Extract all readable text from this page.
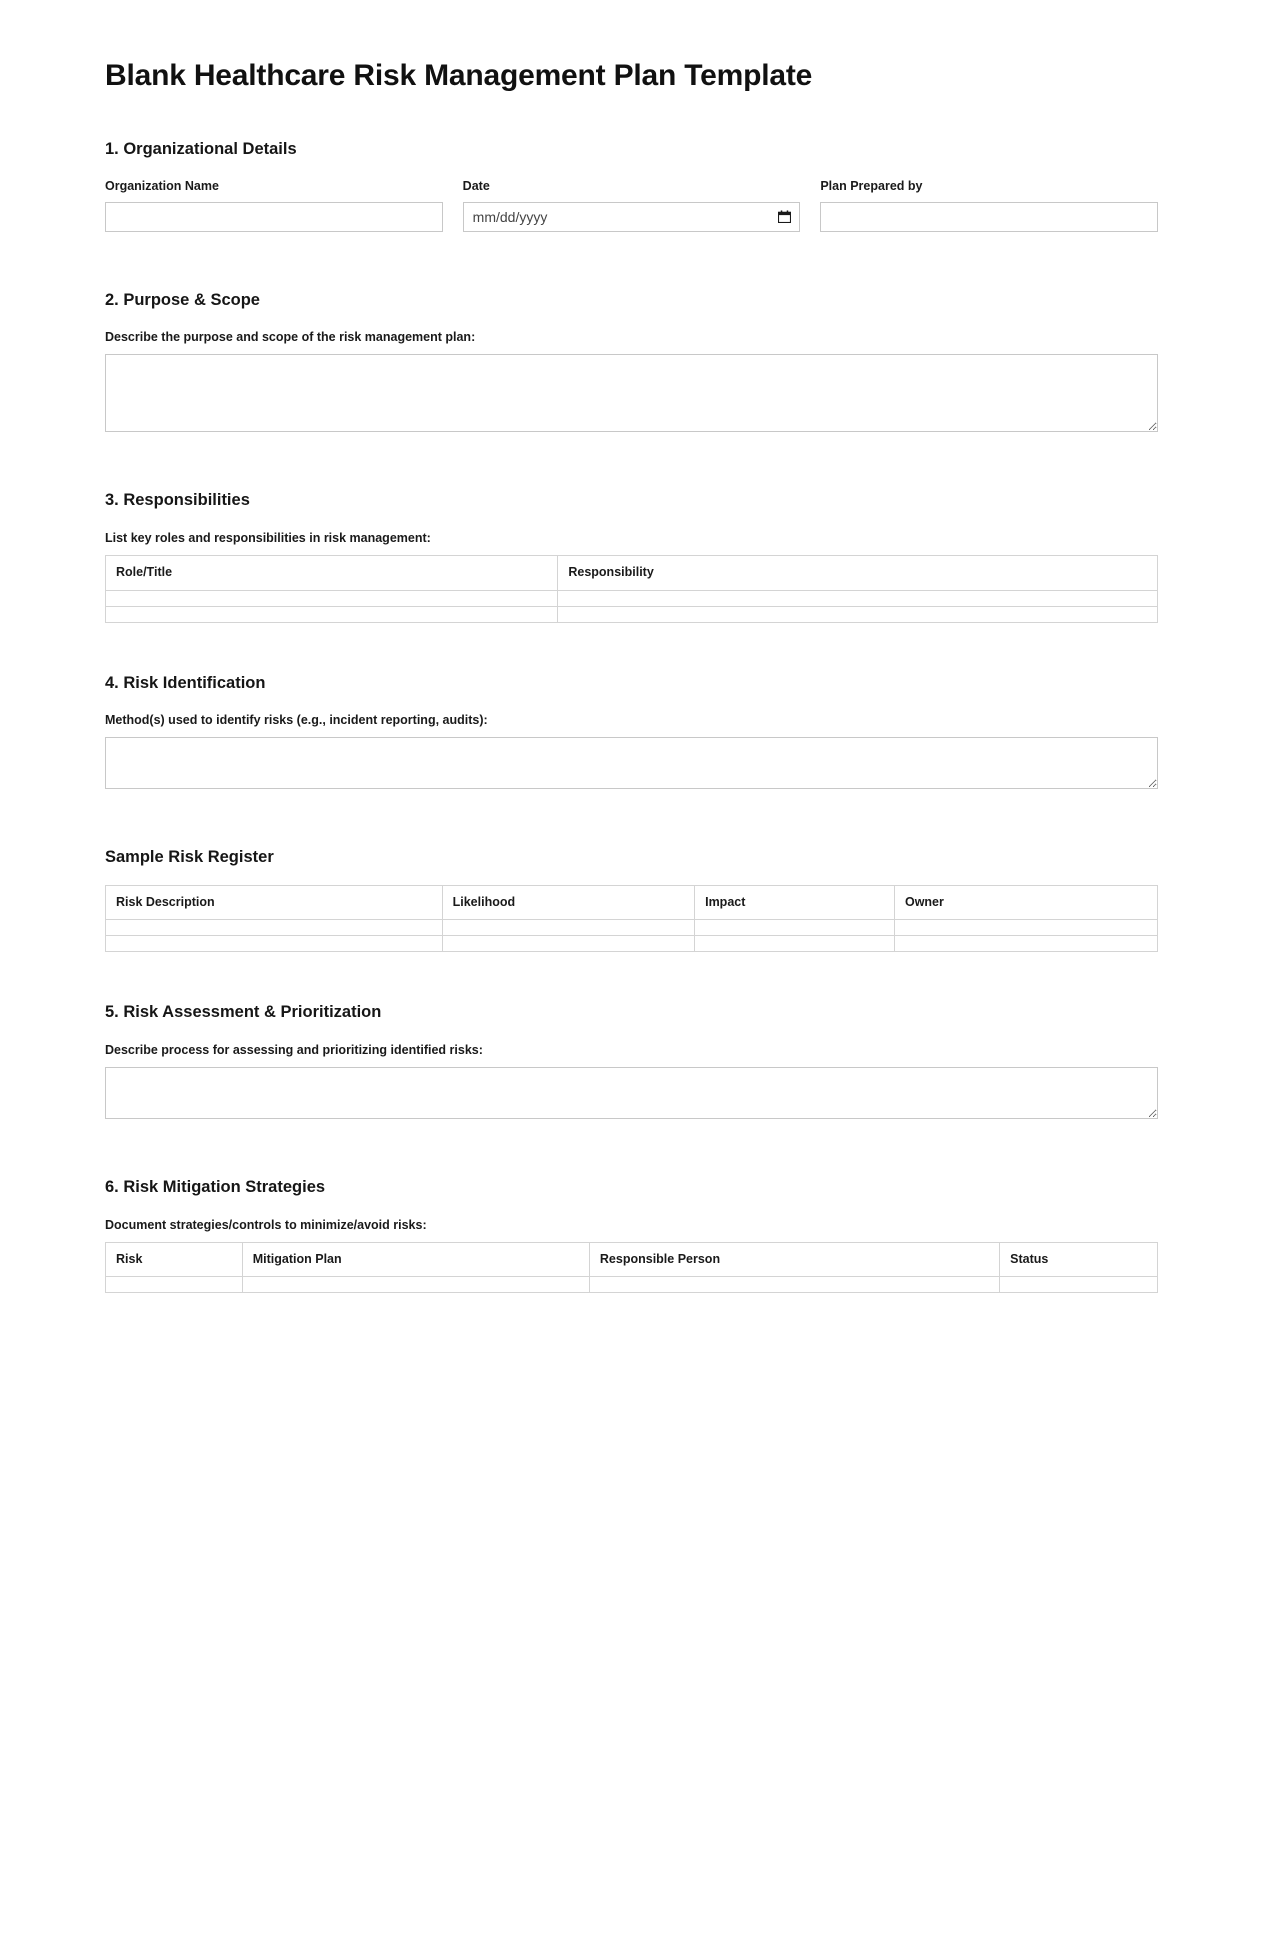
Blank Healthcare Risk Management Plan Template
1. Organizational Details
Organization Name	Date
mm/dd/yyyy
Plan Prepared by
2. Purpose & Scope
Describe the purpose and scope of the risk management plan:
3. Responsibilities
List key roles and responsibilities in risk management:
Role/Title	Responsibility

4. Risk Identification
Method(s) used to identify risks (e.g., incident reporting, audits):
Sample Risk Register
Risk Description	Likelihood	Impact	Owner

5. Risk Assessment & Prioritization
Describe process for assessing and prioritizing identified risks:
6. Risk Mitigation Strategies
Document strategies/controls to minimize/avoid risks:
Risk	Mitigation Plan	Responsible Person	Status
